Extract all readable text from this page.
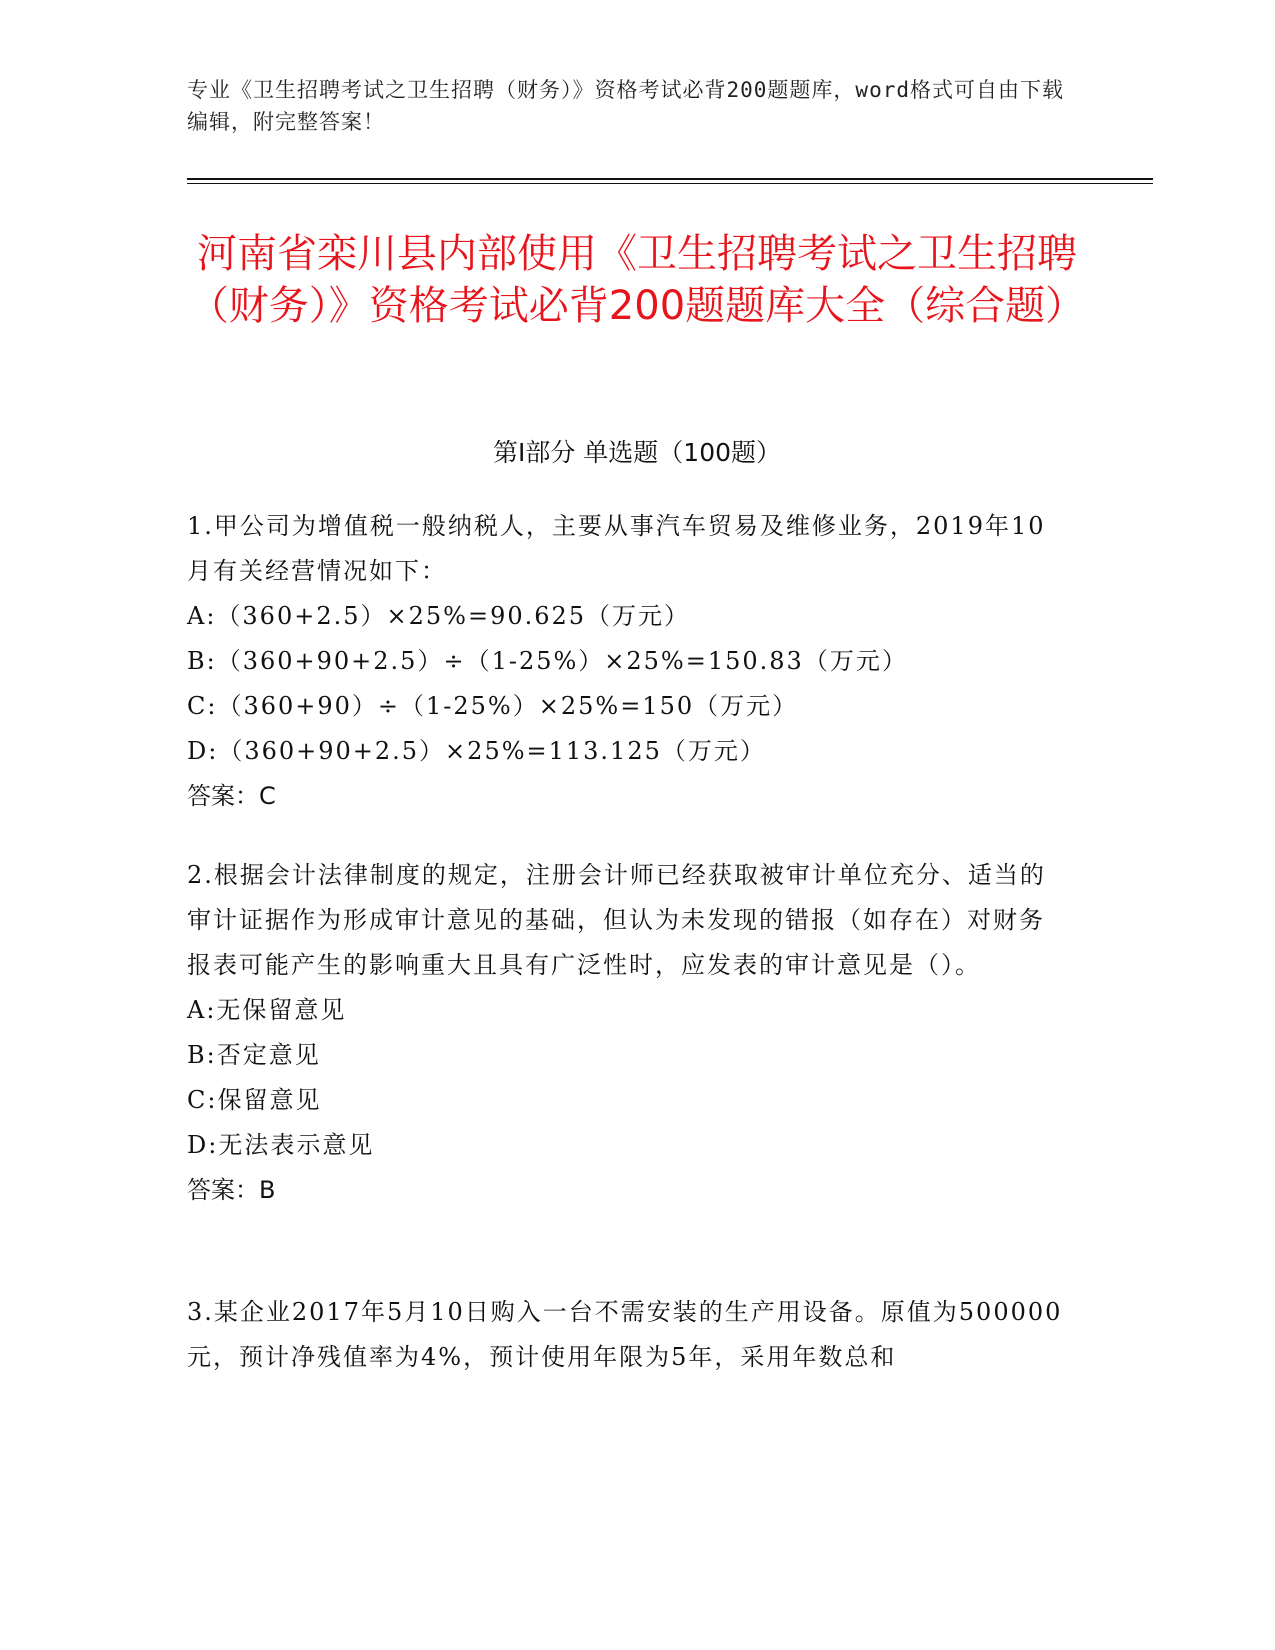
专业《卫生招聘考试之卫生招聘（财务）》资格考试必背200题题库，word格式可自由下载编辑，附完整答案！
河南省栾川县内部使用《卫生招聘考试之卫生招聘（财务）》资格考试必背200题题库大全（综合题）
第I部分 单选题（100题）

1.甲公司为增值税一般纳税人，主要从事汽车贸易及维修业务，2019年10月有关经营情况如下：

A:（360+2.5）×25%=90.625（万元）

B:（360+90+2.5）÷（1-25%）×25%=150.83（万元）

C:（360+90）÷（1-25%）×25%=150（万元）

D:（360+90+2.5）×25%=113.125（万元）

答案：C

2.根据会计法律制度的规定，注册会计师已经获取被审计单位充分、适当的审计证据作为形成审计意见的基础，但认为未发现的错报（如存在）对财务报表可能产生的影响重大且具有广泛性时，应发表的审计意见是（）。

A:无保留意见

B:否定意见

C:保留意见

D:无法表示意见

答案：B

3.某企业2017年5月10日购入一台不需安装的生产用设备。原值为500000元，预计净残值率为4%，预计使用年限为5年，采用年数总和
